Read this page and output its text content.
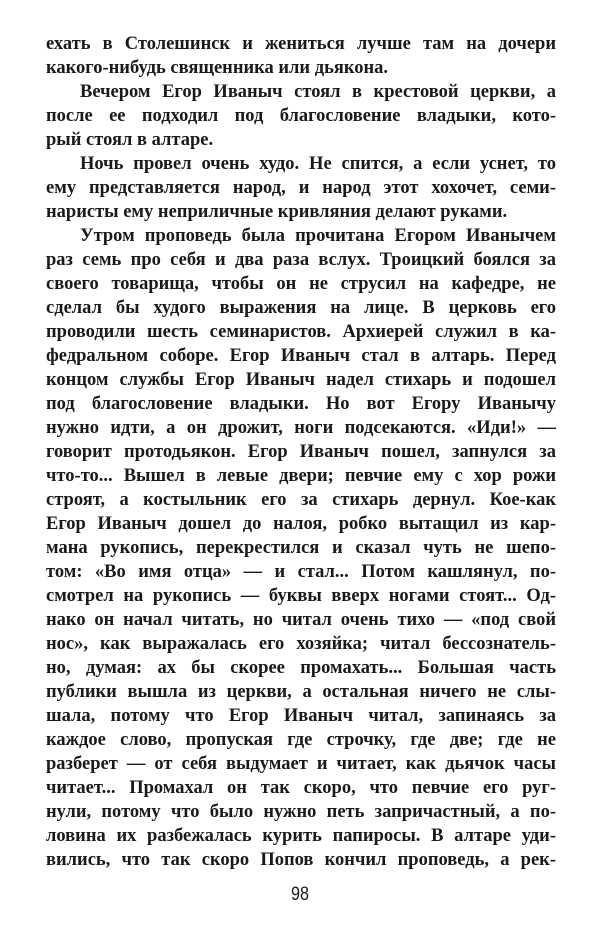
ехать в Столешинск и жениться лучше там на дочери
какого-нибудь священника или дьякона.
Вечером Егор Иваныч стоял в крестовой церкви, а
после ее подходил под благословение владыки, кото-
рый стоял в алтаре.
Ночь провел очень худо. Не спится, а если уснет, то
ему представляется народ, и народ этот хохочет, семи-
наристы ему неприличные кривляния делают руками.
Утром проповедь была прочитана Егором Иванычем
раз семь про себя и два раза вслух. Троицкий боялся за
своего товарища, чтобы он не струсил на кафедре, не
сделал бы худого выражения на лице. В церковь его
проводили шесть семинаристов. Архиерей служил в ка-
федральном соборе. Егор Иваныч стал в алтарь. Перед
концом службы Егор Иваныч надел стихарь и подошел
под благословение владыки. Но вот Егору Иванычу
нужно идти, а он дрожит, ноги подсекаются. «Иди!» —
говорит протодьякон. Егор Иваныч пошел, запнулся за
что-то... Вышел в левые двери; певчие ему с хор рожи
строят, а костыльник его за стихарь дернул. Кое-как
Егор Иваныч дошел до налоя, робко вытащил из кар-
мана рукопись, перекрестился и сказал чуть не шепо-
том: «Во имя отца» — и стал... Потом кашлянул, по-
смотрел на рукопись — буквы вверх ногами стоят... Од-
нако он начал читать, но читал очень тихо — «под свой
нос», как выражалась его хозяйка; читал бессознатель-
но, думая: ах бы скорее промахать... Большая часть
публики вышла из церкви, а остальная ничего не слы-
шала, потому что Егор Иваныч читал, запинаясь за
каждое слово, пропуская где строчку, где две; где не
разберет — от себя выдумает и читает, как дьячок часы
читает... Промахал он так скоро, что певчие его руг-
нули, потому что было нужно петь запричастный, а по-
ловина их разбежалась курить папиросы. В алтаре уди-
вились, что так скоро Попов кончил проповедь, а рек-
98
